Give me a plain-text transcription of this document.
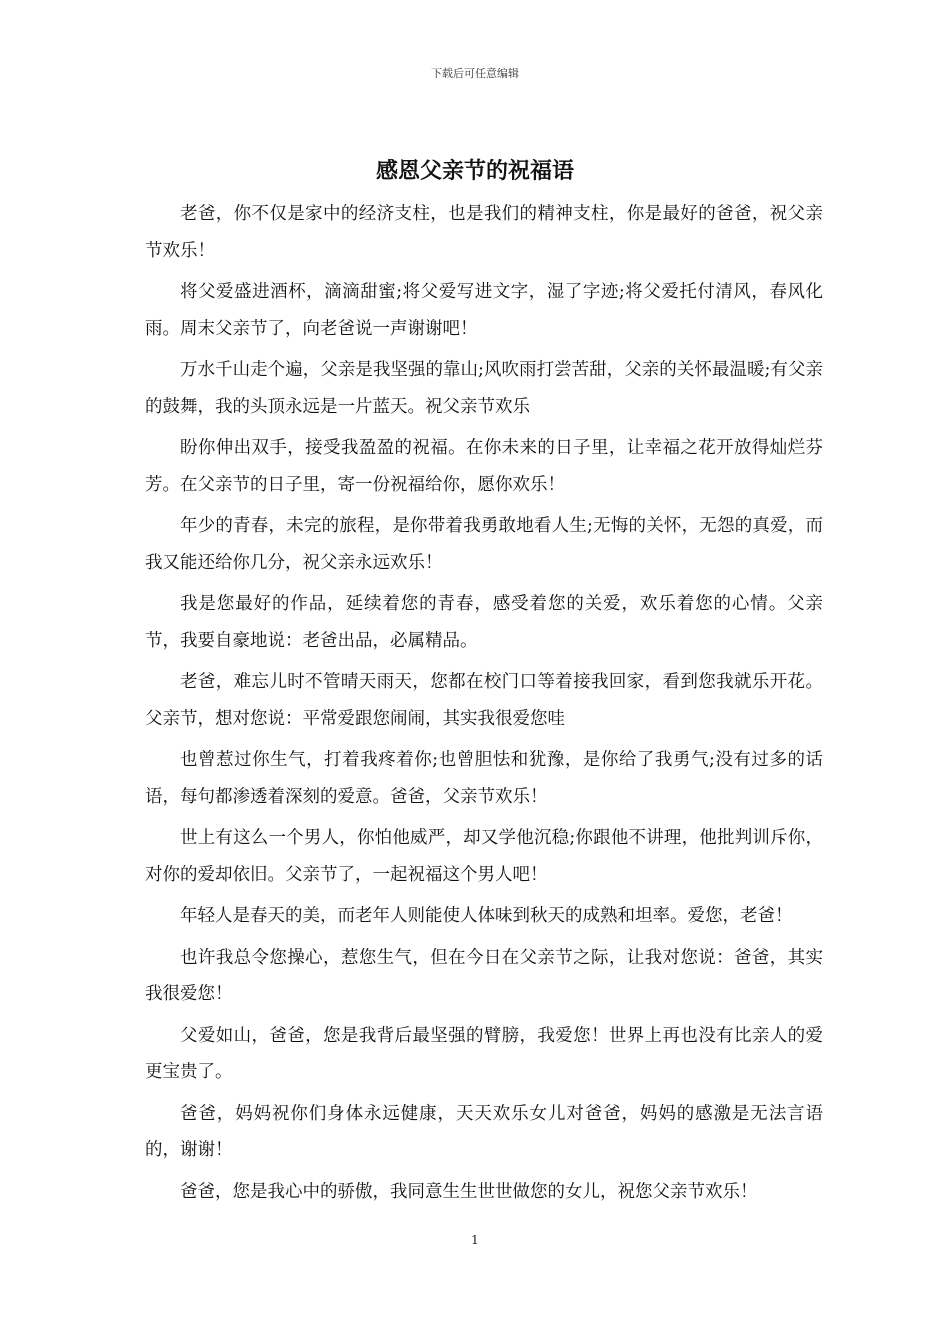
下载后可任意编辑
感恩父亲节的祝福语

老爸，你不仅是家中的经济支柱，也是我们的精神支柱，你是最好的爸爸，祝父亲节欢乐！

将父爱盛进酒杯，滴滴甜蜜;将父爱写进文字，湿了字迹;将父爱托付清风，春风化雨。周末父亲节了，向老爸说一声谢谢吧！

万水千山走个遍，父亲是我坚强的靠山;风吹雨打尝苦甜，父亲的关怀最温暖;有父亲的鼓舞，我的头顶永远是一片蓝天。祝父亲节欢乐

盼你伸出双手，接受我盈盈的祝福。在你未来的日子里，让幸福之花开放得灿烂芬芳。在父亲节的日子里，寄一份祝福给你，愿你欢乐！

年少的青春，未完的旅程，是你带着我勇敢地看人生;无悔的关怀，无怨的真爱，而我又能还给你几分，祝父亲永远欢乐！

我是您最好的作品，延续着您的青春，感受着您的关爱，欢乐着您的心情。父亲节，我要自豪地说：老爸出品，必属精品。

老爸，难忘儿时不管晴天雨天，您都在校门口等着接我回家，看到您我就乐开花。父亲节，想对您说：平常爱跟您闹闹，其实我很爱您哇

也曾惹过你生气，打着我疼着你;也曾胆怯和犹豫，是你给了我勇气;没有过多的话语，每句都渗透着深刻的爱意。爸爸，父亲节欢乐！

世上有这么一个男人，你怕他威严，却又学他沉稳;你跟他不讲理，他批判训斥你，对你的爱却依旧。父亲节了，一起祝福这个男人吧！

年轻人是春天的美，而老年人则能使人体味到秋天的成熟和坦率。爱您，老爸！

也许我总令您操心，惹您生气，但在今日在父亲节之际，让我对您说：爸爸，其实我很爱您！

父爱如山，爸爸，您是我背后最坚强的臂膀，我爱您！世界上再也没有比亲人的爱更宝贵了。

爸爸，妈妈祝你们身体永远健康，天天欢乐女儿对爸爸，妈妈的感激是无法言语的，谢谢！

爸爸，您是我心中的骄傲，我同意生生世世做您的女儿，祝您父亲节欢乐！

1
